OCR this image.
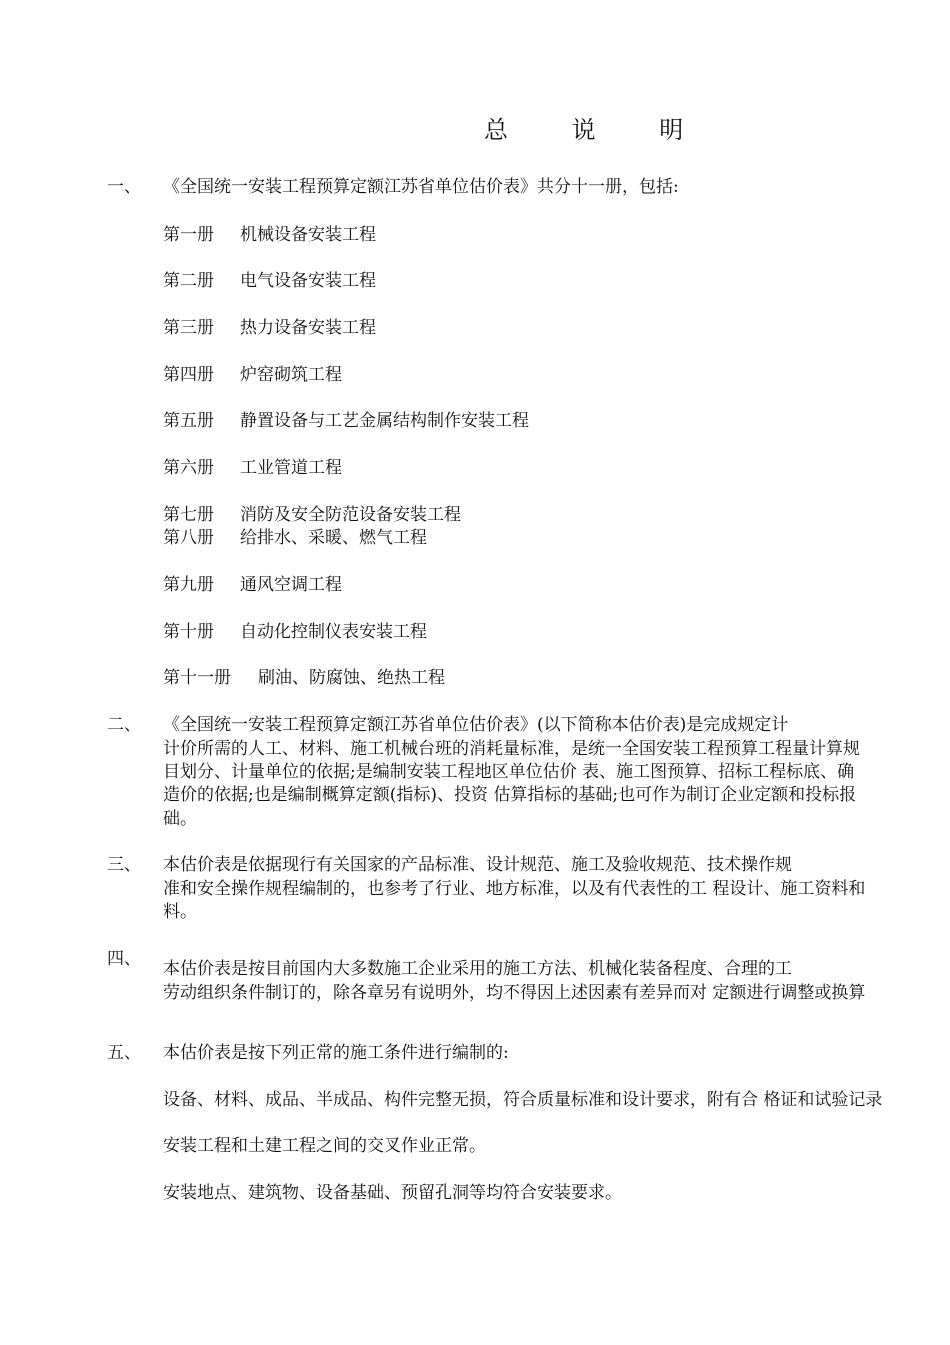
总 说 明
一、 《全国统一安装工程预算定额江苏省单位估价表》共分十一册，包括:
第一册 机械设备安装工程
第二册 电气设备安装工程
第三册 热力设备安装工程
第四册 炉窑砌筑工程
第五册 静置设备与工艺金属结构制作安装工程
第六册 工业管道工程
第七册 消防及安全防范设备安装工程
第八册 给排水、采暖、燃气工程
第九册 通风空调工程
第十册 自动化控制仪表安装工程
第十一册 刷油、防腐蚀、绝热工程
二、 《全国统一安装工程预算定额江苏省单位估价表》(以下简称本估价表)是完成规定计
计价所需的人工、材料、施工机械台班的消耗量标准，是统一全国安装工程预算工程量计算规
目划分、计量单位的依据;是编制安装工程地区单位估价 表、施工图预算、招标工程标底、确
造价的依据;也是编制概算定额(指标)、投资 估算指标的基础;也可作为制订企业定额和投标报
础。
三、 本估价表是依据现行有关国家的产品标准、设计规范、施工及验收规范、技术操作规
准和安全操作规程编制的，也参考了行业、地方标准，以及有代表性的工 程设计、施工资料和
料。
四、 本估价表是按目前国内大多数施工企业采用的施工方法、机械化装备程度、合理的工
劳动组织条件制订的，除各章另有说明外，均不得因上述因素有差异而对 定额进行调整或换算
五、 本估价表是按下列正常的施工条件进行编制的:
设备、材料、成品、半成品、构件完整无损，符合质量标准和设计要求，附有合 格证和试验记录
安装工程和土建工程之间的交叉作业正常。
安装地点、建筑物、设备基础、预留孔洞等均符合安装要求。
